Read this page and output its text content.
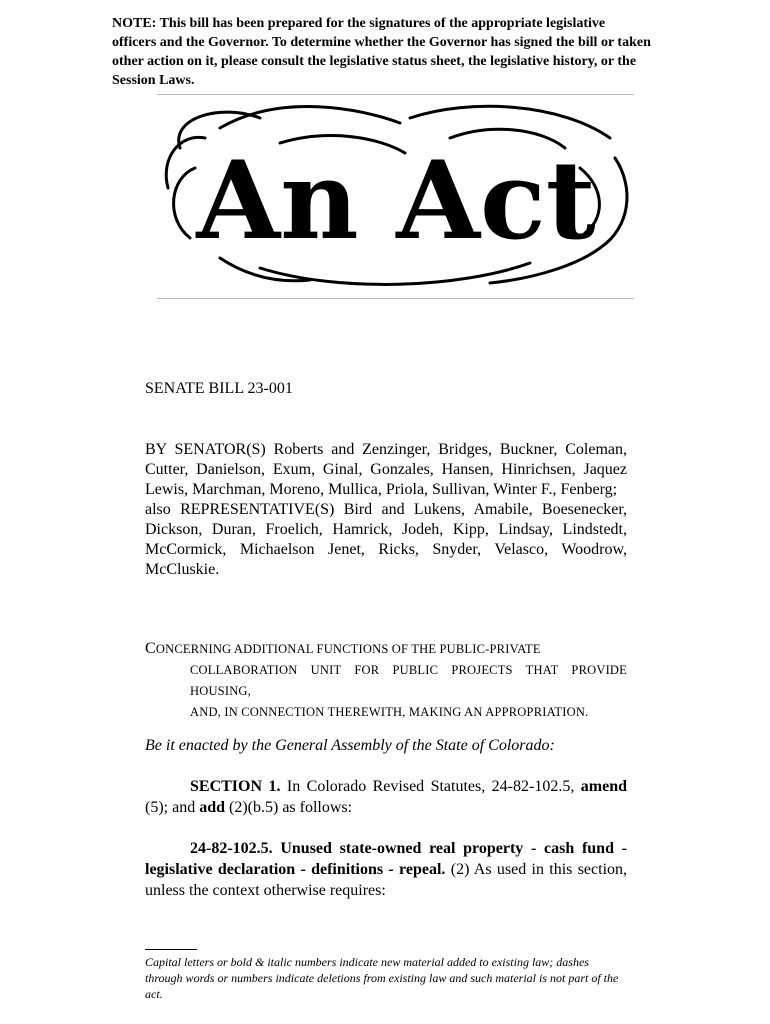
NOTE: This bill has been prepared for the signatures of the appropriate legislative officers and the Governor. To determine whether the Governor has signed the bill or taken other action on it, please consult the legislative status sheet, the legislative history, or the Session Laws.
An Act
SENATE BILL 23-001

BY SENATOR(S) Roberts and Zenzinger, Bridges, Buckner, Coleman, Cutter, Danielson, Exum, Ginal, Gonzales, Hansen, Hinrichsen, Jaquez Lewis, Marchman, Moreno, Mullica, Priola, Sullivan, Winter F., Fenberg;

also REPRESENTATIVE(S) Bird and Lukens, Amabile, Boesenecker, Dickson, Duran, Froelich, Hamrick, Jodeh, Kipp, Lindsay, Lindstedt, McCormick, Michaelson Jenet, Ricks, Snyder, Velasco, Woodrow, McCluskie.

CONCERNING ADDITIONAL FUNCTIONS OF THE PUBLIC-PRIVATE
COLLABORATION UNIT FOR PUBLIC PROJECTS THAT PROVIDE HOUSING,
AND, IN CONNECTION THEREWITH, MAKING AN APPROPRIATION.
Be it enacted by the General Assembly of the State of Colorado:
SECTION 1. In Colorado Revised Statutes, 24-82-102.5, amend (5); and add (2)(b.5) as follows:
24-82-102.5. Unused state-owned real property - cash fund - legislative declaration - definitions - repeal. (2) As used in this section, unless the context otherwise requires:
Capital letters or bold & italic numbers indicate new material added to existing law; dashes through words or numbers indicate deletions from existing law and such material is not part of the act.
